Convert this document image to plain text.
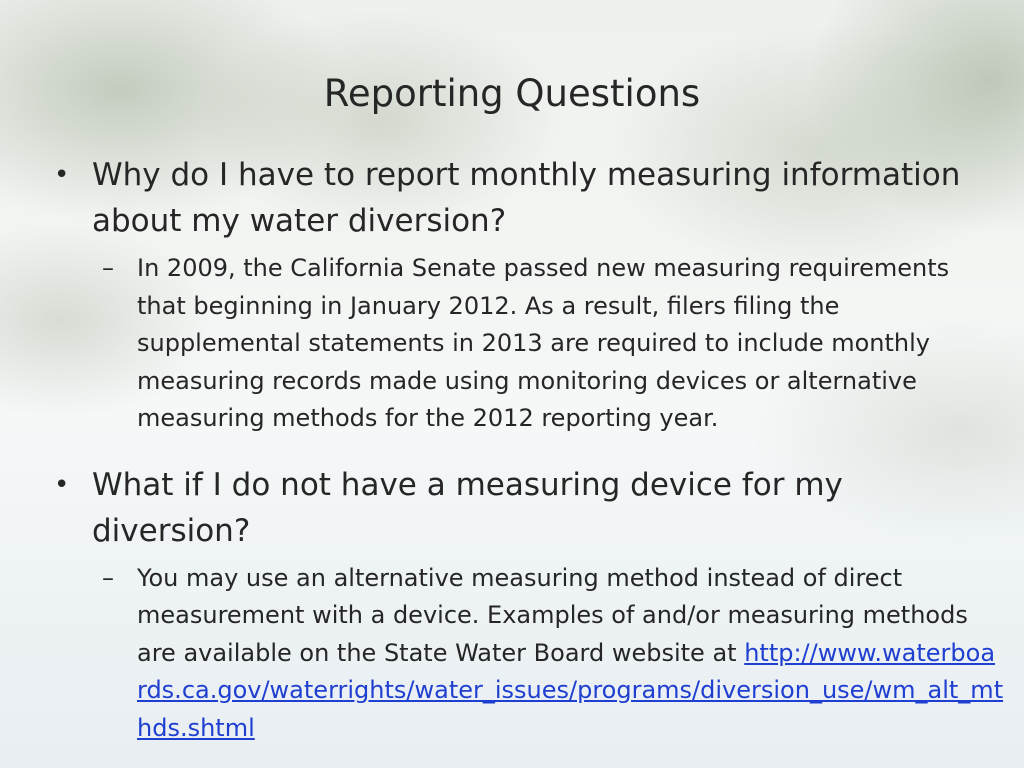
Reporting Questions
• Why do I have to report monthly measuring information about my water diversion?
– In 2009, the California Senate passed new measuring requirements that beginning in January 2012. As a result, filers filing the supplemental statements in 2013 are required to include monthly measuring records made using monitoring devices or alternative measuring methods for the 2012 reporting year.
• What if I do not have a measuring device for my diversion?
– You may use an alternative measuring method instead of direct measurement with a device. Examples of and/or measuring methods are available on the State Water Board website at http://www.waterboards.ca.gov/waterrights/water_issues/programs/diversion_use/wm_alt_mthds.shtml
